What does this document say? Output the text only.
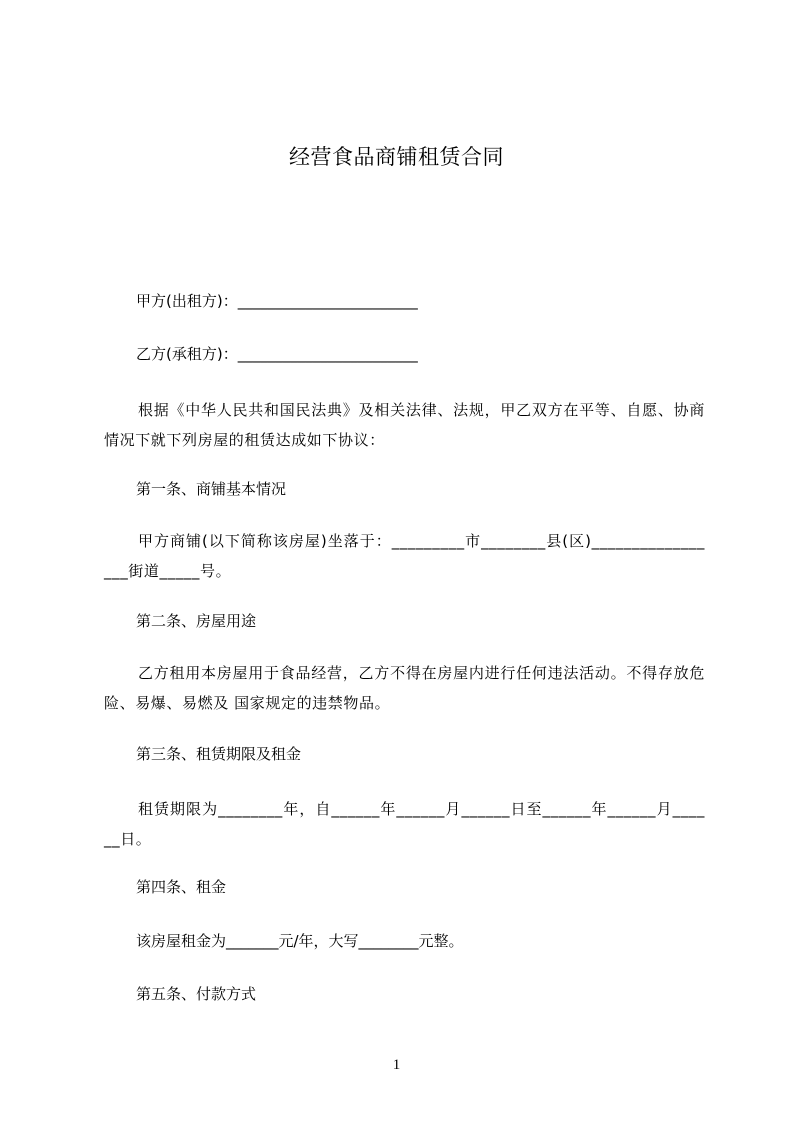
经营食品商铺租赁合同
甲方(出租方)：________________________
乙方(承租方)：________________________
根据《中华人民共和国民法典》及相关法律、法规，甲乙双方在平等、自愿、协商情况下就下列房屋的租赁达成如下协议：
第一条、商铺基本情况
甲方商铺(以下简称该房屋)坐落于：_________市________县(区)______________ ___街道_____号。
第二条、房屋用途
乙方租用本房屋用于食品经营，乙方不得在房屋内进行任何违法活动。不得存放危险、易爆、易燃及 国家规定的违禁物品。
第三条、租赁期限及租金
租赁期限为________年，自______年______月______日至______年______月____ __日。
第四条、租金
该房屋租金为_______元/年，大写________元整。
第五条、付款方式
1
